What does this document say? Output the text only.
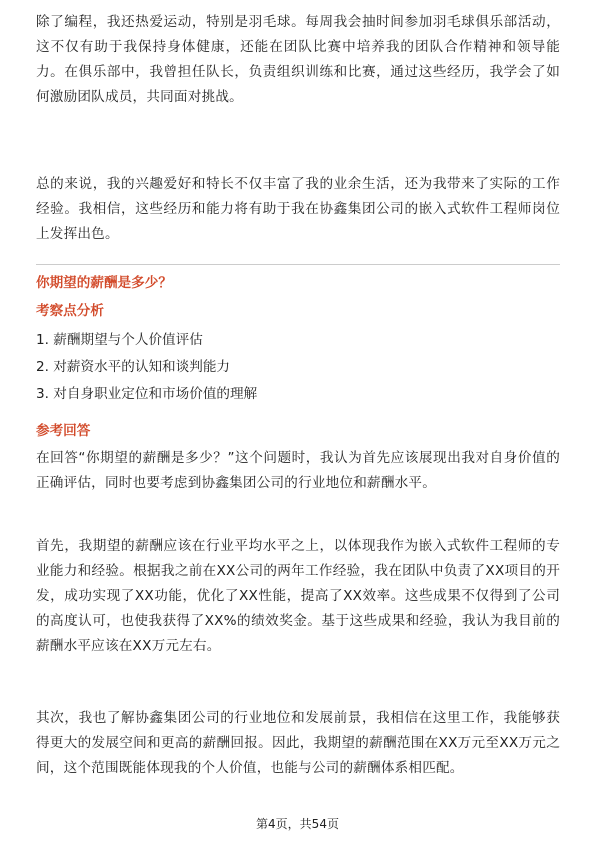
除了编程，我还热爱运动，特别是羽毛球。每周我会抽时间参加羽毛球俱乐部活动，这不仅有助于我保持身体健康，还能在团队比赛中培养我的团队合作精神和领导能力。在俱乐部中，我曾担任队长，负责组织训练和比赛，通过这些经历，我学会了如何激励团队成员，共同面对挑战。

总的来说，我的兴趣爱好和特长不仅丰富了我的业余生活，还为我带来了实际的工作经验。我相信，这些经历和能力将有助于我在协鑫集团公司的嵌入式软件工程师岗位上发挥出色。

你期望的薪酬是多少？
考察点分析
1. 薪酬期望与个人价值评估
2. 对薪资水平的认知和谈判能力
3. 对自身职业定位和市场价值的理解
参考回答

在回答“你期望的薪酬是多少？”这个问题时，我认为首先应该展现出我对自身价值的正确评估，同时也要考虑到协鑫集团公司的行业地位和薪酬水平。

首先，我期望的薪酬应该在行业平均水平之上，以体现我作为嵌入式软件工程师的专业能力和经验。根据我之前在XX公司的两年工作经验，我在团队中负责了XX项目的开发，成功实现了XX功能，优化了XX性能，提高了XX效率。这些成果不仅得到了公司的高度认可，也使我获得了XX%的绩效奖金。基于这些成果和经验，我认为我目前的薪酬水平应该在XX万元左右。

其次，我也了解协鑫集团公司的行业地位和发展前景，我相信在这里工作，我能够获得更大的发展空间和更高的薪酬回报。因此，我期望的薪酬范围在XX万元至XX万元之间，这个范围既能体现我的个人价值，也能与公司的薪酬体系相匹配。

第4页，共54页
